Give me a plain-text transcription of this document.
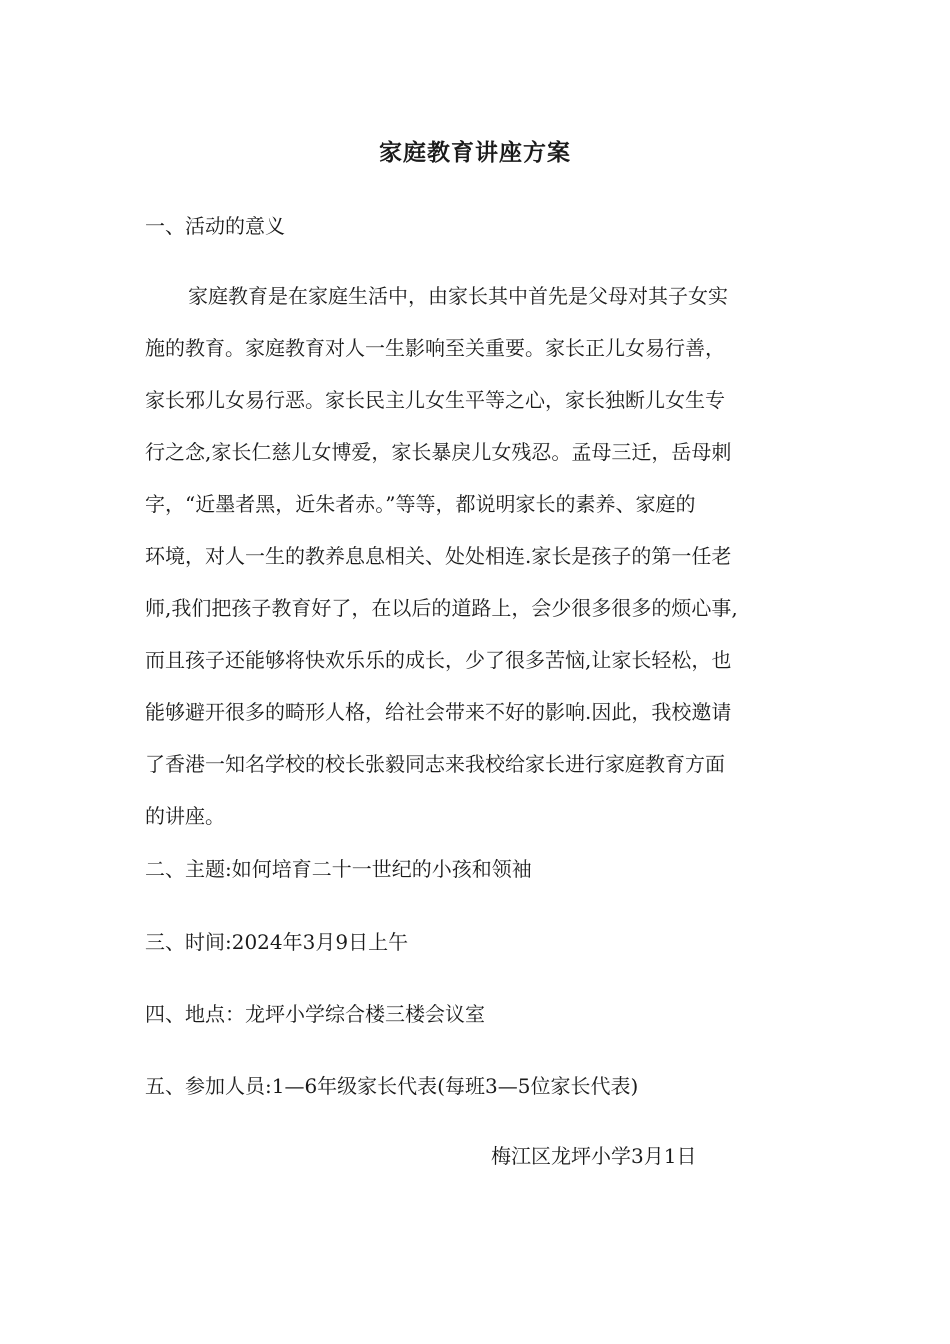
家庭教育讲座方案
一、活动的意义
家庭教育是在家庭生活中，由家长其中首先是父母对其子女实
施的教育。家庭教育对人一生影响至关重要。家长正儿女易行善，
家长邪儿女易行恶。家长民主儿女生平等之心，家长独断儿女生专
行之念,家长仁慈儿女博爱，家长暴戾儿女残忍。孟母三迁，岳母刺
字，“近墨者黑，近朱者赤。”等等，都说明家长的素养、家庭的
环境，对人一生的教养息息相关、处处相连.家长是孩子的第一任老
师,我们把孩子教育好了，在以后的道路上，会少很多很多的烦心事,
而且孩子还能够将快欢乐乐的成长，少了很多苦恼,让家长轻松，也
能够避开很多的畸形人格，给社会带来不好的影响.因此，我校邀请
了香港一知名学校的校长张毅同志来我校给家长进行家庭教育方面
的讲座。
二、主题:如何培育二十一世纪的小孩和领袖
三、时间:2024年3月9日上午
四、地点：龙坪小学综合楼三楼会议室
五、参加人员:1—6年级家长代表(每班3—5位家长代表)
梅江区龙坪小学3月1日
